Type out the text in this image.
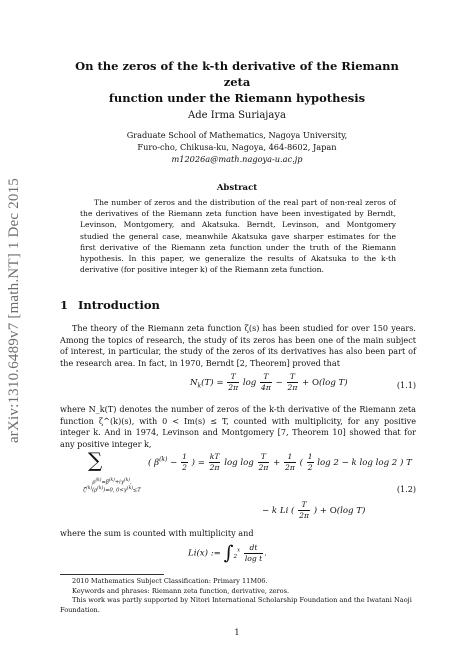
arXiv:1310.6489v7 [math.NT] 1 Dec 2015
On the zeros of the k-th derivative of the Riemann zeta
function under the Riemann hypothesis
Ade Irma Suriajaya
Graduate School of Mathematics, Nagoya University,
Furo-cho, Chikusa-ku, Nagoya, 464-8602, Japan
m12026a@math.nagoya-u.ac.jp
Abstract
The number of zeros and the distribution of the real part of non-real zeros of the derivatives of the Riemann zeta function have been investigated by Berndt, Levinson, Montgomery, and Akatsuka. Berndt, Levinson, and Montgomery studied the general case, meanwhile Akatsuka gave sharper estimates for the first derivative of the Riemann zeta function under the truth of the Riemann hypothesis. In this paper, we generalize the results of Akatsuka to the k-th derivative (for positive integer k) of the Riemann zeta function.
1 Introduction
The theory of the Riemann zeta function ζ(s) has been studied for over 150 years. Among the topics of research, the study of its zeros has been one of the main subject of interest, in particular, the study of the zeros of its derivatives has also been part of the research area. In fact, in 1970, Berndt [2, Theorem] proved that
$N_k(T) = \frac{T}{2\pi}$ $\log \frac{T}{4\pi} - \frac{T}{2\pi} + O(\log$ T)	(1.1)
where N_k(T) denotes the number of zeros of the k-th derivative of the Riemann zeta function ζ^(k)(s), with 0 < Im(s) ≤ T, counted with multiplicity, for any positive integer k. And in 1974, Levinson and Montgomery [7, Theorem 10] showed that for any positive integer k,
∑
$\rho^{(k)}=\beta^{(k)}+i\gamma^{(k)}$,
$\zeta^{(k)}(\rho^{(k)})=0$, $0<\gamma^{(k)}\le T$
( $\beta^{(k)} - \frac{1}{2}$ ) = $\frac{kT}{2\pi}$ $\log \log \frac{T}{2\pi} + \frac{1}{2\pi}$ ( $\frac{1}{2}$ log 2 − k log log 2 ) T
(1.2)
− k Li ( $\frac{T}{2\pi}$ ) + O(log T)
where the sum is counted with multiplicity and
Li(x) := $\int_2^x \frac{dt}{\text{log t}}$ .

2010 Mathematics Subject Classification: Primary 11M06.

Keywords and phrases: Riemann zeta function, derivative, zeros.

This work was partly supported by Nitori International Scholarship Foundation and the Iwatani Naoji Foundation.

1
